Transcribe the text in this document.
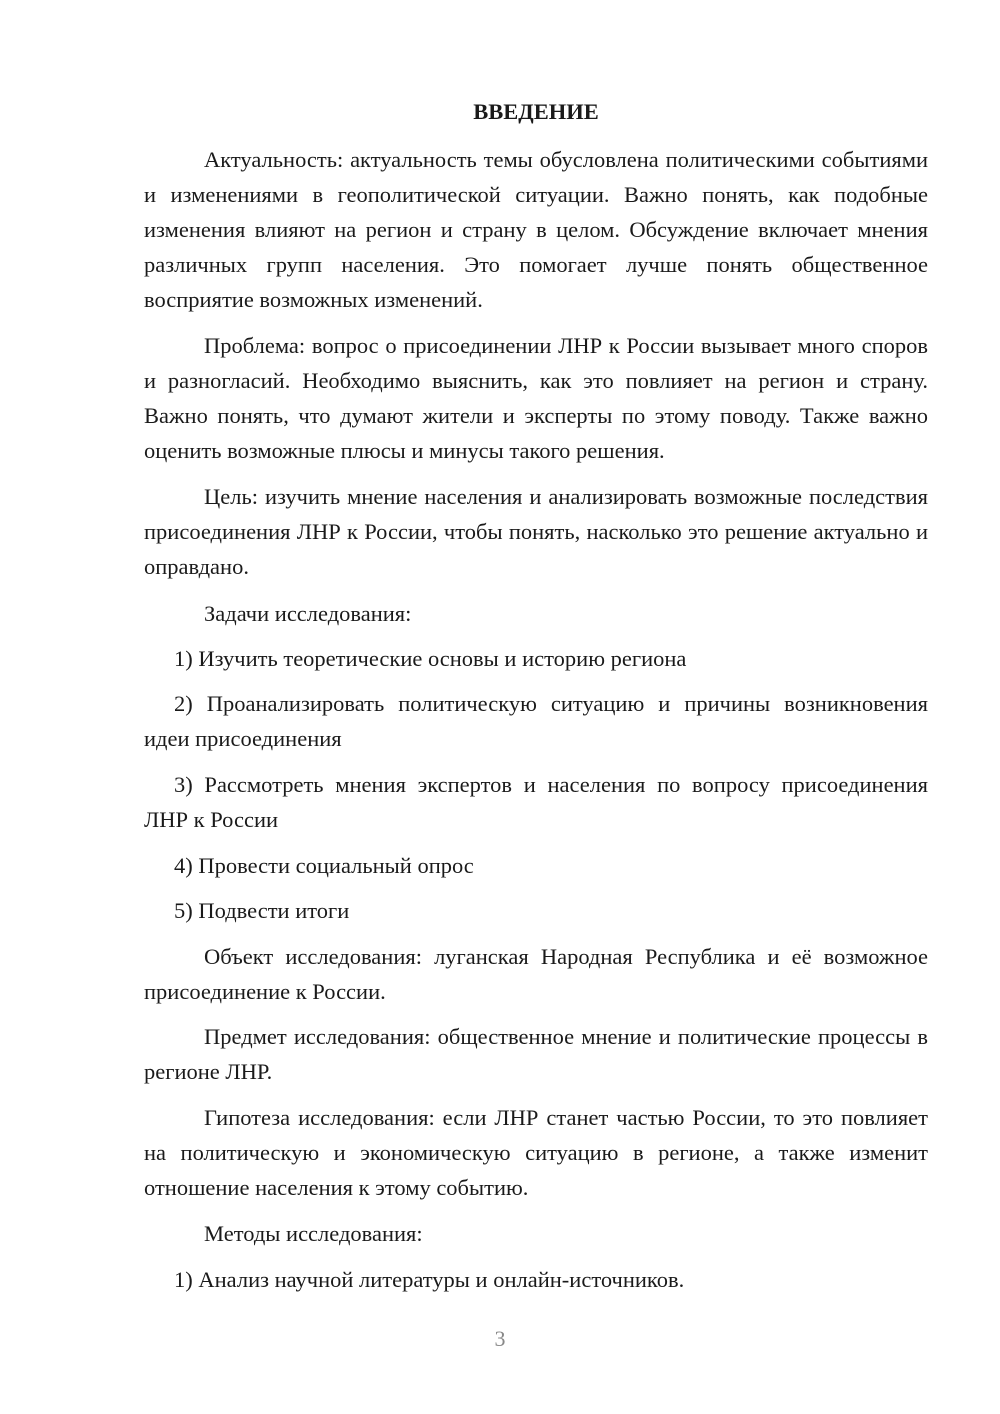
ВВЕДЕНИЕ

Актуальность: актуальность темы обусловлена политическими событиями и изменениями в геополитической ситуации. Важно понять, как подобные изменения влияют на регион и страну в целом. Обсуждение включает мнения различных групп населения. Это помогает лучше понять общественное восприятие возможных изменений.

Проблема: вопрос о присоединении ЛНР к России вызывает много споров и разногласий. Необходимо выяснить, как это повлияет на регион и страну. Важно понять, что думают жители и эксперты по этому поводу. Также важно оценить возможные плюсы и минусы такого решения.

Цель: изучить мнение населения и анализировать возможные последствия присоединения ЛНР к России, чтобы понять, насколько это решение актуально и оправдано.

Задачи исследования:

1) Изучить теоретические основы и историю региона

2) Проанализировать политическую ситуацию и причины возникновения идеи присоединения

3) Рассмотреть мнения экспертов и населения по вопросу присоединения ЛНР к России

4) Провести социальный опрос

5) Подвести итоги

Объект исследования: луганская Народная Республика и её возможное присоединение к России.

Предмет исследования: общественное мнение и политические процессы в регионе ЛНР.

Гипотеза исследования: если ЛНР станет частью России, то это повлияет на политическую и экономическую ситуацию в регионе, а также изменит отношение населения к этому событию.

Методы исследования:

1) Анализ научной литературы и онлайн-источников.

3
